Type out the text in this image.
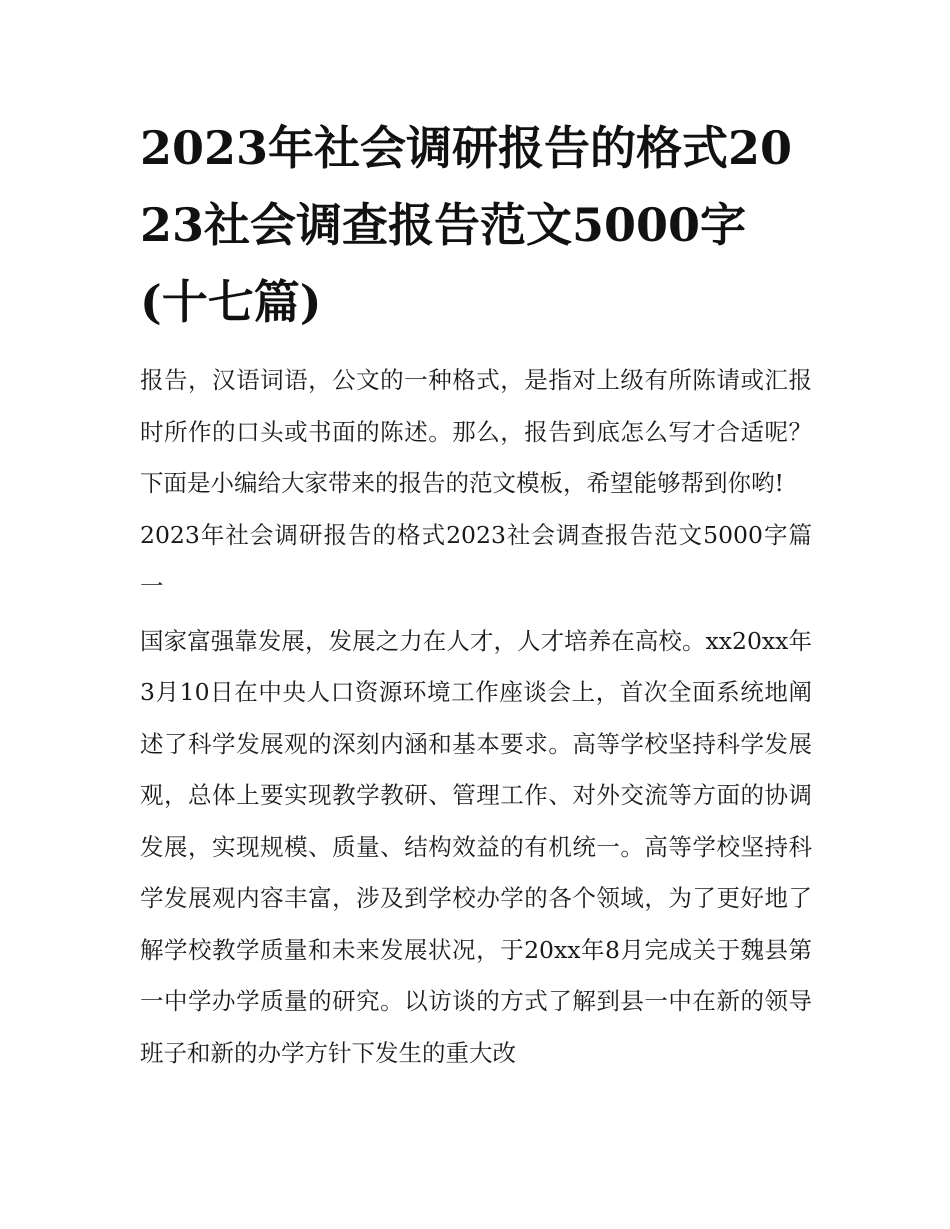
2023年社会调研报告的格式2023社会调查报告范文5000字(十七篇)

报告，汉语词语，公文的一种格式，是指对上级有所陈请或汇报时所作的口头或书面的陈述。那么，报告到底怎么写才合适呢？下面是小编给大家带来的报告的范文模板，希望能够帮到你哟!

2023年社会调研报告的格式2023社会调查报告范文5000字篇一

国家富强靠发展，发展之力在人才，人才培养在高校。xx20xx年3月10日在中央人口资源环境工作座谈会上，首次全面系统地阐述了科学发展观的深刻内涵和基本要求。高等学校坚持科学发展观，总体上要实现教学教研、管理工作、对外交流等方面的协调发展，实现规模、质量、结构效益的有机统一。高等学校坚持科学发展观内容丰富，涉及到学校办学的各个领域，为了更好地了解学校教学质量和未来发展状况，于20xx年8月完成关于魏县第一中学办学质量的研究。以访谈的方式了解到县一中在新的领导班子和新的办学方针下发生的重大改
